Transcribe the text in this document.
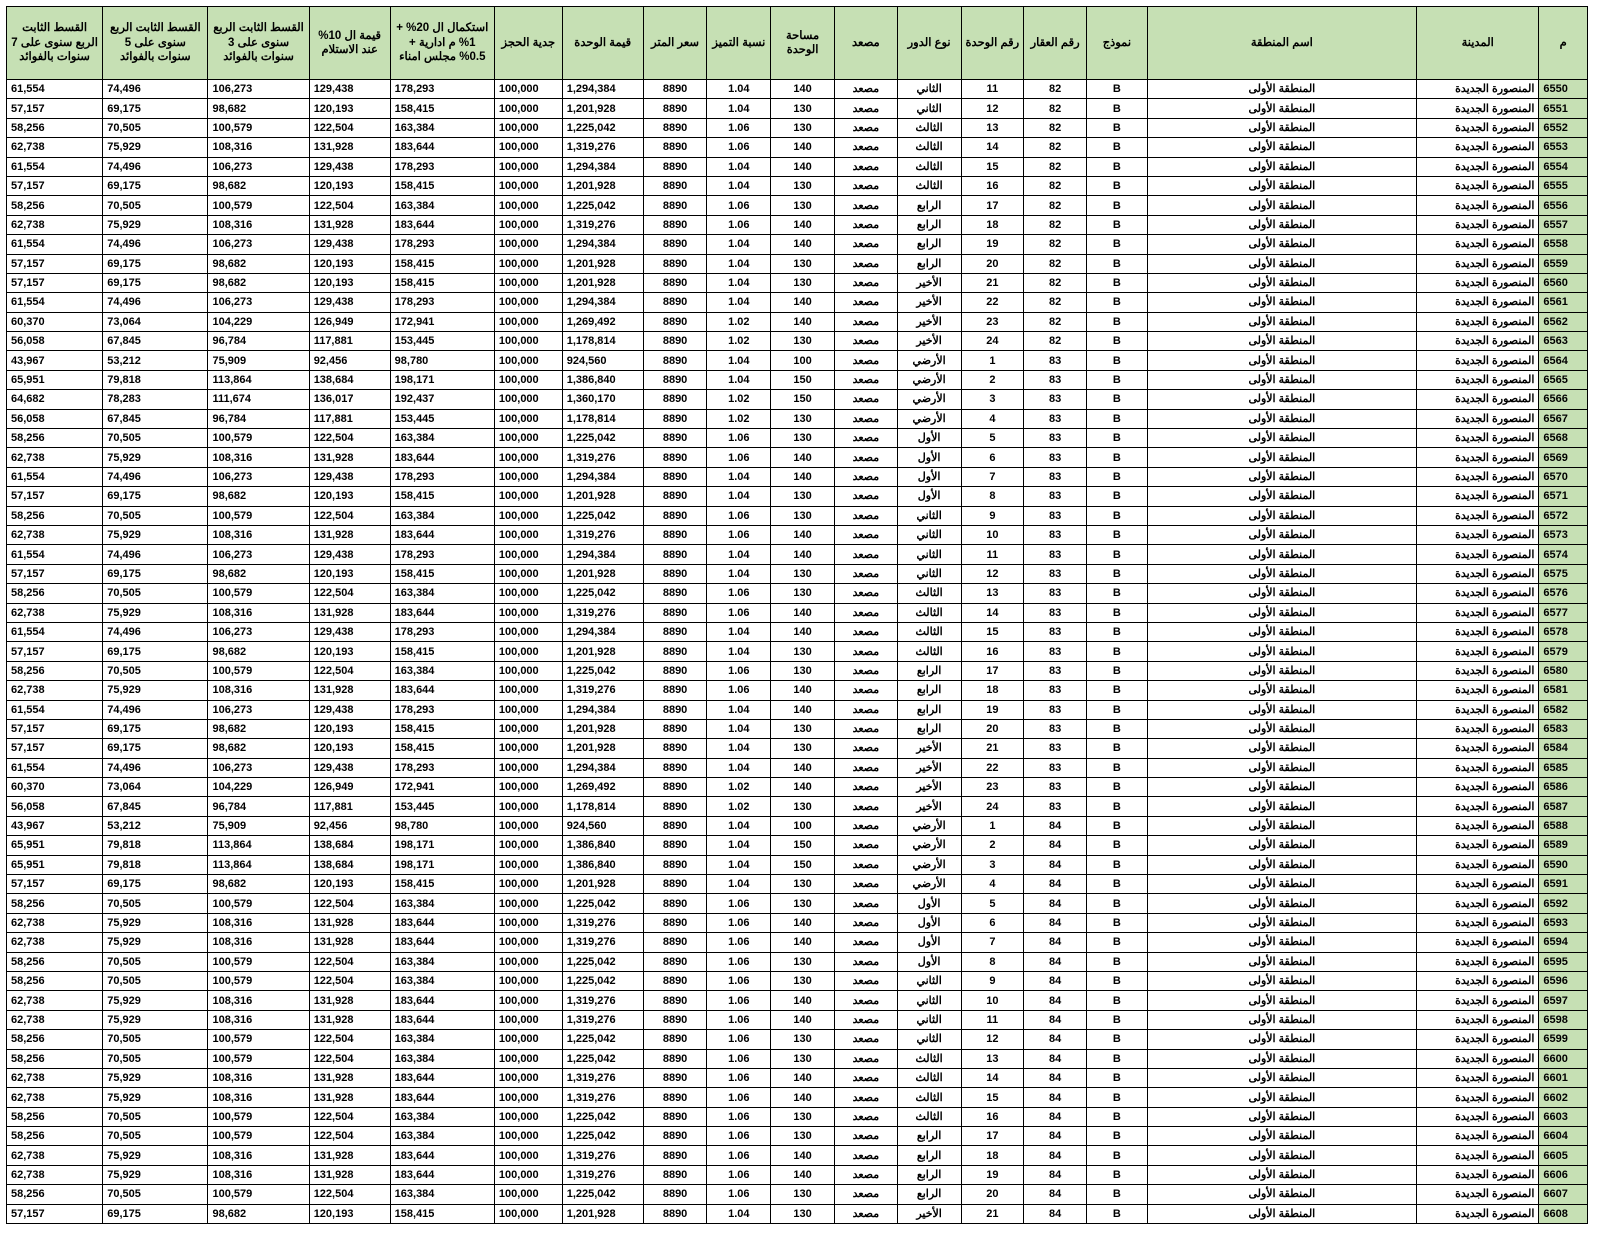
م	المدينة	اسم المنطقة	نموذج	رقم العقار	رقم الوحدة	نوع الدور	مصعد	مساحة الوحدة	نسبة التميز	سعر المتر	قيمة الوحدة	جدية الحجز	استكمال ال 20% + 1% م ادارية + 0.5% مجلس امناء	قيمة ال 10% عند الاستلام	القسط الثابت الربع سنوى على 3 سنوات بالفوائد	القسط الثابت الربع سنوى على 5 سنوات بالفوائد	القسط الثابت الربع سنوى على 7 سنوات بالفوائد
6550	المنصورة الجديدة	المنطقة الأولى	B	82	11	الثاني	مصعد	140	1.04	8890	1,294,384	100,000	178,293	129,438	106,273	74,496	61,554
6551	المنصورة الجديدة	المنطقة الأولى	B	82	12	الثاني	مصعد	130	1.04	8890	1,201,928	100,000	158,415	120,193	98,682	69,175	57,157
6552	المنصورة الجديدة	المنطقة الأولى	B	82	13	الثالث	مصعد	130	1.06	8890	1,225,042	100,000	163,384	122,504	100,579	70,505	58,256
6553	المنصورة الجديدة	المنطقة الأولى	B	82	14	الثالث	مصعد	140	1.06	8890	1,319,276	100,000	183,644	131,928	108,316	75,929	62,738
6554	المنصورة الجديدة	المنطقة الأولى	B	82	15	الثالث	مصعد	140	1.04	8890	1,294,384	100,000	178,293	129,438	106,273	74,496	61,554
6555	المنصورة الجديدة	المنطقة الأولى	B	82	16	الثالث	مصعد	130	1.04	8890	1,201,928	100,000	158,415	120,193	98,682	69,175	57,157
6556	المنصورة الجديدة	المنطقة الأولى	B	82	17	الرابع	مصعد	130	1.06	8890	1,225,042	100,000	163,384	122,504	100,579	70,505	58,256
6557	المنصورة الجديدة	المنطقة الأولى	B	82	18	الرابع	مصعد	140	1.06	8890	1,319,276	100,000	183,644	131,928	108,316	75,929	62,738
6558	المنصورة الجديدة	المنطقة الأولى	B	82	19	الرابع	مصعد	140	1.04	8890	1,294,384	100,000	178,293	129,438	106,273	74,496	61,554
6559	المنصورة الجديدة	المنطقة الأولى	B	82	20	الرابع	مصعد	130	1.04	8890	1,201,928	100,000	158,415	120,193	98,682	69,175	57,157
6560	المنصورة الجديدة	المنطقة الأولى	B	82	21	الأخير	مصعد	130	1.04	8890	1,201,928	100,000	158,415	120,193	98,682	69,175	57,157
6561	المنصورة الجديدة	المنطقة الأولى	B	82	22	الأخير	مصعد	140	1.04	8890	1,294,384	100,000	178,293	129,438	106,273	74,496	61,554
6562	المنصورة الجديدة	المنطقة الأولى	B	82	23	الأخير	مصعد	140	1.02	8890	1,269,492	100,000	172,941	126,949	104,229	73,064	60,370
6563	المنصورة الجديدة	المنطقة الأولى	B	82	24	الأخير	مصعد	130	1.02	8890	1,178,814	100,000	153,445	117,881	96,784	67,845	56,058
6564	المنصورة الجديدة	المنطقة الأولى	B	83	1	الأرضي	مصعد	100	1.04	8890	924,560	100,000	98,780	92,456	75,909	53,212	43,967
6565	المنصورة الجديدة	المنطقة الأولى	B	83	2	الأرضي	مصعد	150	1.04	8890	1,386,840	100,000	198,171	138,684	113,864	79,818	65,951
6566	المنصورة الجديدة	المنطقة الأولى	B	83	3	الأرضي	مصعد	150	1.02	8890	1,360,170	100,000	192,437	136,017	111,674	78,283	64,682
6567	المنصورة الجديدة	المنطقة الأولى	B	83	4	الأرضي	مصعد	130	1.02	8890	1,178,814	100,000	153,445	117,881	96,784	67,845	56,058
6568	المنصورة الجديدة	المنطقة الأولى	B	83	5	الأول	مصعد	130	1.06	8890	1,225,042	100,000	163,384	122,504	100,579	70,505	58,256
6569	المنصورة الجديدة	المنطقة الأولى	B	83	6	الأول	مصعد	140	1.06	8890	1,319,276	100,000	183,644	131,928	108,316	75,929	62,738
6570	المنصورة الجديدة	المنطقة الأولى	B	83	7	الأول	مصعد	140	1.04	8890	1,294,384	100,000	178,293	129,438	106,273	74,496	61,554
6571	المنصورة الجديدة	المنطقة الأولى	B	83	8	الأول	مصعد	130	1.04	8890	1,201,928	100,000	158,415	120,193	98,682	69,175	57,157
6572	المنصورة الجديدة	المنطقة الأولى	B	83	9	الثاني	مصعد	130	1.06	8890	1,225,042	100,000	163,384	122,504	100,579	70,505	58,256
6573	المنصورة الجديدة	المنطقة الأولى	B	83	10	الثاني	مصعد	140	1.06	8890	1,319,276	100,000	183,644	131,928	108,316	75,929	62,738
6574	المنصورة الجديدة	المنطقة الأولى	B	83	11	الثاني	مصعد	140	1.04	8890	1,294,384	100,000	178,293	129,438	106,273	74,496	61,554
6575	المنصورة الجديدة	المنطقة الأولى	B	83	12	الثاني	مصعد	130	1.04	8890	1,201,928	100,000	158,415	120,193	98,682	69,175	57,157
6576	المنصورة الجديدة	المنطقة الأولى	B	83	13	الثالث	مصعد	130	1.06	8890	1,225,042	100,000	163,384	122,504	100,579	70,505	58,256
6577	المنصورة الجديدة	المنطقة الأولى	B	83	14	الثالث	مصعد	140	1.06	8890	1,319,276	100,000	183,644	131,928	108,316	75,929	62,738
6578	المنصورة الجديدة	المنطقة الأولى	B	83	15	الثالث	مصعد	140	1.04	8890	1,294,384	100,000	178,293	129,438	106,273	74,496	61,554
6579	المنصورة الجديدة	المنطقة الأولى	B	83	16	الثالث	مصعد	130	1.04	8890	1,201,928	100,000	158,415	120,193	98,682	69,175	57,157
6580	المنصورة الجديدة	المنطقة الأولى	B	83	17	الرابع	مصعد	130	1.06	8890	1,225,042	100,000	163,384	122,504	100,579	70,505	58,256
6581	المنصورة الجديدة	المنطقة الأولى	B	83	18	الرابع	مصعد	140	1.06	8890	1,319,276	100,000	183,644	131,928	108,316	75,929	62,738
6582	المنصورة الجديدة	المنطقة الأولى	B	83	19	الرابع	مصعد	140	1.04	8890	1,294,384	100,000	178,293	129,438	106,273	74,496	61,554
6583	المنصورة الجديدة	المنطقة الأولى	B	83	20	الرابع	مصعد	130	1.04	8890	1,201,928	100,000	158,415	120,193	98,682	69,175	57,157
6584	المنصورة الجديدة	المنطقة الأولى	B	83	21	الأخير	مصعد	130	1.04	8890	1,201,928	100,000	158,415	120,193	98,682	69,175	57,157
6585	المنصورة الجديدة	المنطقة الأولى	B	83	22	الأخير	مصعد	140	1.04	8890	1,294,384	100,000	178,293	129,438	106,273	74,496	61,554
6586	المنصورة الجديدة	المنطقة الأولى	B	83	23	الأخير	مصعد	140	1.02	8890	1,269,492	100,000	172,941	126,949	104,229	73,064	60,370
6587	المنصورة الجديدة	المنطقة الأولى	B	83	24	الأخير	مصعد	130	1.02	8890	1,178,814	100,000	153,445	117,881	96,784	67,845	56,058
6588	المنصورة الجديدة	المنطقة الأولى	B	84	1	الأرضي	مصعد	100	1.04	8890	924,560	100,000	98,780	92,456	75,909	53,212	43,967
6589	المنصورة الجديدة	المنطقة الأولى	B	84	2	الأرضي	مصعد	150	1.04	8890	1,386,840	100,000	198,171	138,684	113,864	79,818	65,951
6590	المنصورة الجديدة	المنطقة الأولى	B	84	3	الأرضي	مصعد	150	1.04	8890	1,386,840	100,000	198,171	138,684	113,864	79,818	65,951
6591	المنصورة الجديدة	المنطقة الأولى	B	84	4	الأرضي	مصعد	130	1.04	8890	1,201,928	100,000	158,415	120,193	98,682	69,175	57,157
6592	المنصورة الجديدة	المنطقة الأولى	B	84	5	الأول	مصعد	130	1.06	8890	1,225,042	100,000	163,384	122,504	100,579	70,505	58,256
6593	المنصورة الجديدة	المنطقة الأولى	B	84	6	الأول	مصعد	140	1.06	8890	1,319,276	100,000	183,644	131,928	108,316	75,929	62,738
6594	المنصورة الجديدة	المنطقة الأولى	B	84	7	الأول	مصعد	140	1.06	8890	1,319,276	100,000	183,644	131,928	108,316	75,929	62,738
6595	المنصورة الجديدة	المنطقة الأولى	B	84	8	الأول	مصعد	130	1.06	8890	1,225,042	100,000	163,384	122,504	100,579	70,505	58,256
6596	المنصورة الجديدة	المنطقة الأولى	B	84	9	الثاني	مصعد	130	1.06	8890	1,225,042	100,000	163,384	122,504	100,579	70,505	58,256
6597	المنصورة الجديدة	المنطقة الأولى	B	84	10	الثاني	مصعد	140	1.06	8890	1,319,276	100,000	183,644	131,928	108,316	75,929	62,738
6598	المنصورة الجديدة	المنطقة الأولى	B	84	11	الثاني	مصعد	140	1.06	8890	1,319,276	100,000	183,644	131,928	108,316	75,929	62,738
6599	المنصورة الجديدة	المنطقة الأولى	B	84	12	الثاني	مصعد	130	1.06	8890	1,225,042	100,000	163,384	122,504	100,579	70,505	58,256
6600	المنصورة الجديدة	المنطقة الأولى	B	84	13	الثالث	مصعد	130	1.06	8890	1,225,042	100,000	163,384	122,504	100,579	70,505	58,256
6601	المنصورة الجديدة	المنطقة الأولى	B	84	14	الثالث	مصعد	140	1.06	8890	1,319,276	100,000	183,644	131,928	108,316	75,929	62,738
6602	المنصورة الجديدة	المنطقة الأولى	B	84	15	الثالث	مصعد	140	1.06	8890	1,319,276	100,000	183,644	131,928	108,316	75,929	62,738
6603	المنصورة الجديدة	المنطقة الأولى	B	84	16	الثالث	مصعد	130	1.06	8890	1,225,042	100,000	163,384	122,504	100,579	70,505	58,256
6604	المنصورة الجديدة	المنطقة الأولى	B	84	17	الرابع	مصعد	130	1.06	8890	1,225,042	100,000	163,384	122,504	100,579	70,505	58,256
6605	المنصورة الجديدة	المنطقة الأولى	B	84	18	الرابع	مصعد	140	1.06	8890	1,319,276	100,000	183,644	131,928	108,316	75,929	62,738
6606	المنصورة الجديدة	المنطقة الأولى	B	84	19	الرابع	مصعد	140	1.06	8890	1,319,276	100,000	183,644	131,928	108,316	75,929	62,738
6607	المنصورة الجديدة	المنطقة الأولى	B	84	20	الرابع	مصعد	130	1.06	8890	1,225,042	100,000	163,384	122,504	100,579	70,505	58,256
6608	المنصورة الجديدة	المنطقة الأولى	B	84	21	الأخير	مصعد	130	1.04	8890	1,201,928	100,000	158,415	120,193	98,682	69,175	57,157
